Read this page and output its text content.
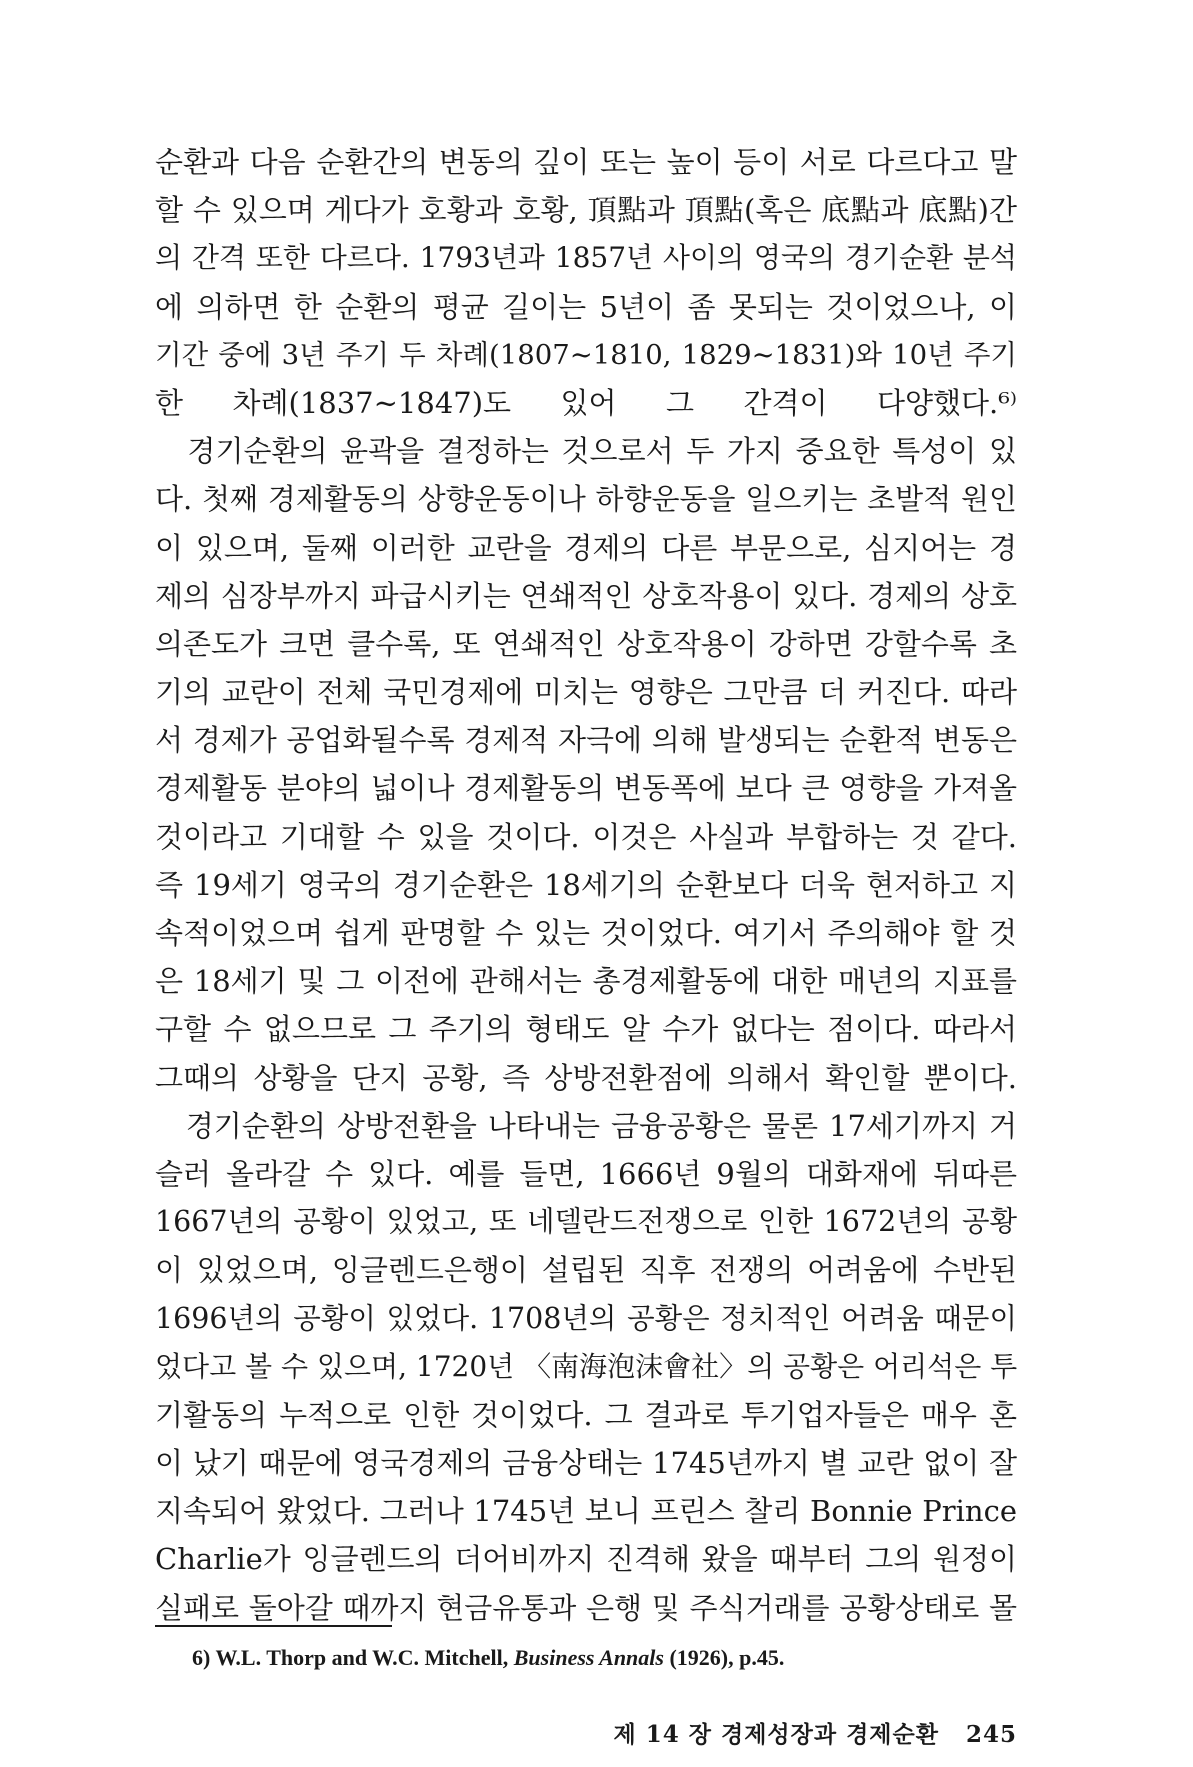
순환과 다음 순환간의 변동의 깊이 또는 높이 등이 서로 다르다고 말
할 수 있으며 게다가 호황과 호황, 頂點과 頂點(혹은 底點과 底點)간
의 간격 또한 다르다. 1793년과 1857년 사이의 영국의 경기순환 분석
에 의하면 한 순환의 평균 길이는 5년이 좀 못되는 것이었으나, 이
기간 중에 3년 주기 두 차례(1807∼1810, 1829∼1831)와 10년 주기
한 차례(1837∼1847)도 있어 그 간격이 다양했다.⁶⁾
　경기순환의 윤곽을 결정하는 것으로서 두 가지 중요한 특성이 있
다. 첫째 경제활동의 상향운동이나 하향운동을 일으키는 초발적 원인
이 있으며, 둘째 이러한 교란을 경제의 다른 부문으로, 심지어는 경
제의 심장부까지 파급시키는 연쇄적인 상호작용이 있다. 경제의 상호
의존도가 크면 클수록, 또 연쇄적인 상호작용이 강하면 강할수록 초
기의 교란이 전체 국민경제에 미치는 영향은 그만큼 더 커진다. 따라
서 경제가 공업화될수록 경제적 자극에 의해 발생되는 순환적 변동은
경제활동 분야의 넓이나 경제활동의 변동폭에 보다 큰 영향을 가져올
것이라고 기대할 수 있을 것이다. 이것은 사실과 부합하는 것 같다.
즉 19세기 영국의 경기순환은 18세기의 순환보다 더욱 현저하고 지
속적이었으며 쉽게 판명할 수 있는 것이었다. 여기서 주의해야 할 것
은 18세기 및 그 이전에 관해서는 총경제활동에 대한 매년의 지표를
구할 수 없으므로 그 주기의 형태도 알 수가 없다는 점이다. 따라서
그때의 상황을 단지 공황, 즉 상방전환점에 의해서 확인할 뿐이다.
　경기순환의 상방전환을 나타내는 금융공황은 물론 17세기까지 거
슬러 올라갈 수 있다. 예를 들면, 1666년 9월의 대화재에 뒤따른
1667년의 공황이 있었고, 또 네델란드전쟁으로 인한 1672년의 공황
이 있었으며, 잉글렌드은행이 설립된 직후 전쟁의 어려움에 수반된
1696년의 공황이 있었다. 1708년의 공황은 정치적인 어려움 때문이
었다고 볼 수 있으며, 1720년 〈南海泡沫會社〉의 공황은 어리석은 투
기활동의 누적으로 인한 것이었다. 그 결과로 투기업자들은 매우 혼
이 났기 때문에 영국경제의 금융상태는 1745년까지 별 교란 없이 잘
지속되어 왔었다. 그러나 1745년 보니 프린스 찰리 Bonnie Prince
Charlie가 잉글렌드의 더어비까지 진격해 왔을 때부터 그의 원정이
실패로 돌아갈 때까지 현금유통과 은행 및 주식거래를 공황상태로 몰
6) W.L. Thorp and W.C. Mitchell, Business Annals (1926), p.45.
제 14 장 경제성장과 경제순환 245
